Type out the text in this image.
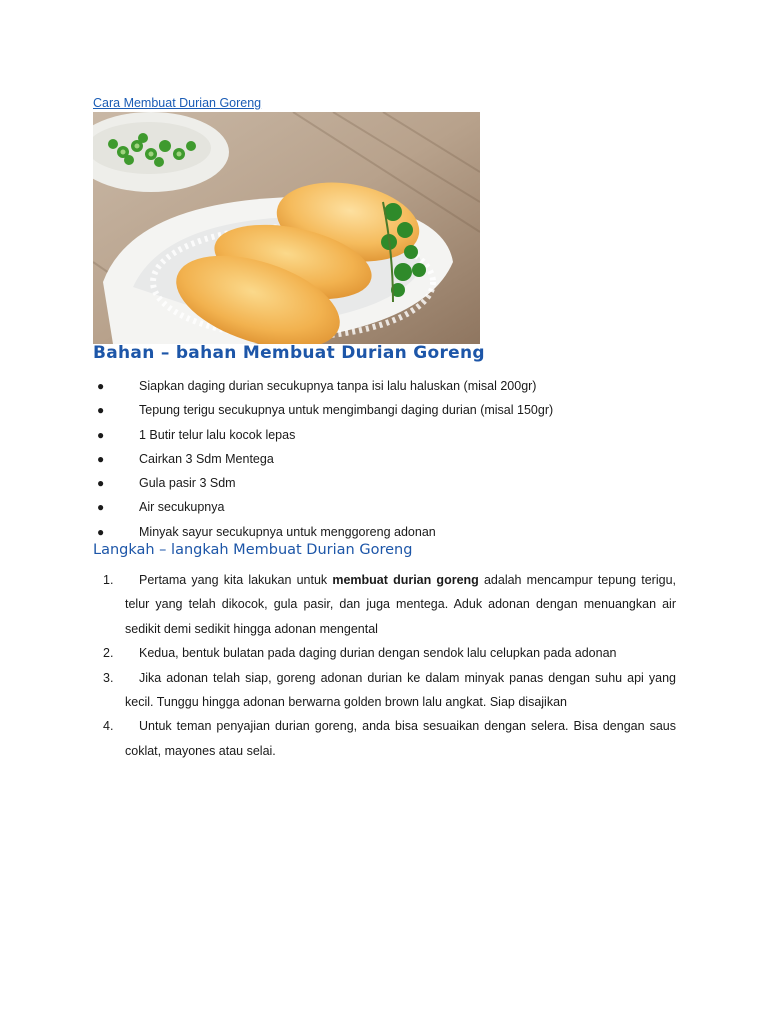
Cara Membuat Durian Goreng
Bahan – bahan Membuat Durian Goreng
●	Siapkan daging durian secukupnya tanpa isi lalu haluskan (misal 200gr)
●	Tepung terigu secukupnya untuk mengimbangi daging durian (misal 150gr)
●	1 Butir telur lalu kocok lepas
●	Cairkan 3 Sdm Mentega
●	Gula pasir 3 Sdm
●	Air secukupnya
●	Minyak sayur secukupnya untuk menggoreng adonan
Langkah – langkah Membuat Durian Goreng
1. Pertama yang kita lakukan untuk membuat durian goreng adalah mencampur tepung terigu, telur yang telah dikocok, gula pasir, dan juga mentega. Aduk adonan dengan menuangkan air sedikit demi sedikit hingga adonan mengental
2. Kedua, bentuk bulatan pada daging durian dengan sendok lalu celupkan pada adonan
3. Jika adonan telah siap, goreng adonan durian ke dalam minyak panas dengan suhu api yang kecil. Tunggu hingga adonan berwarna golden brown lalu angkat. Siap disajikan
4. Untuk teman penyajian durian goreng, anda bisa sesuaikan dengan selera. Bisa dengan saus coklat, mayones atau selai.
